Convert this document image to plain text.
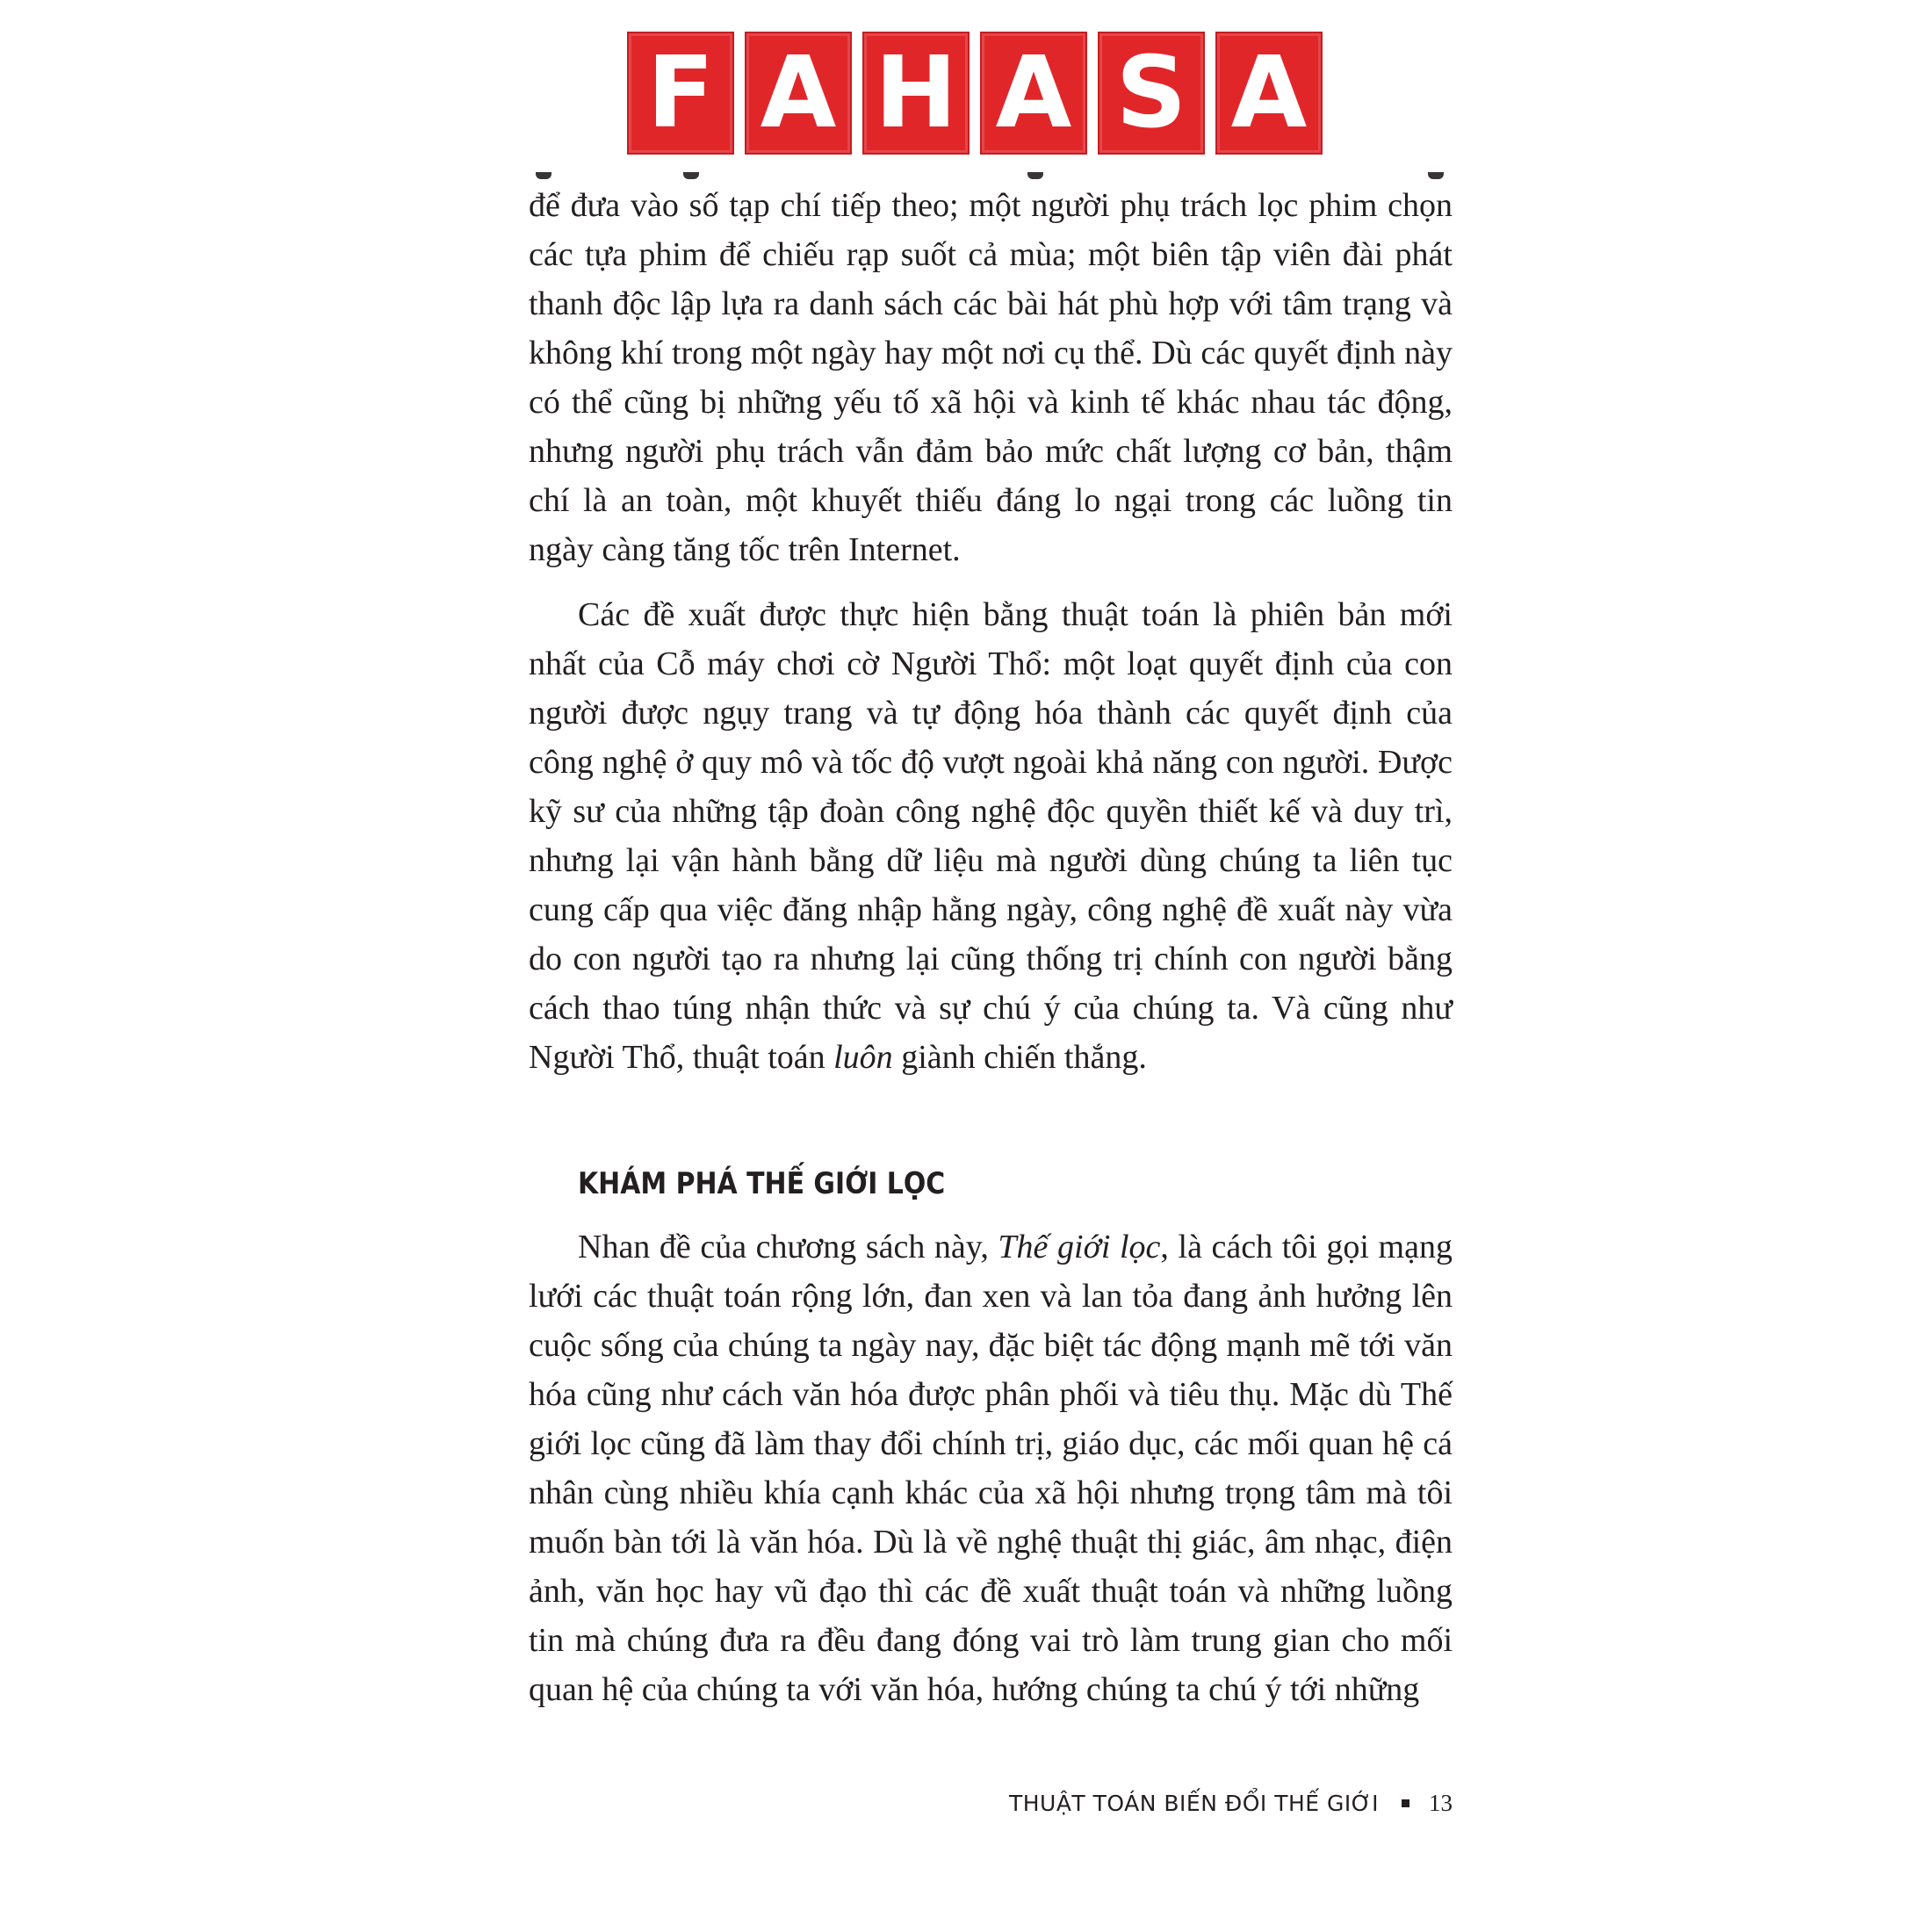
F A H A S A

để đưa vào số tạp chí tiếp theo; một người phụ trách lọc phim chọn các tựa phim để chiếu rạp suốt cả mùa; một biên tập viên đài phát thanh độc lập lựa ra danh sách các bài hát phù hợp với tâm trạng và không khí trong một ngày hay một nơi cụ thể. Dù các quyết định này có thể cũng bị những yếu tố xã hội và kinh tế khác nhau tác động, nhưng người phụ trách vẫn đảm bảo mức chất lượng cơ bản, thậm chí là an toàn, một khuyết thiếu đáng lo ngại trong các luồng tin ngày càng tăng tốc trên Internet.

Các đề xuất được thực hiện bằng thuật toán là phiên bản mới nhất của Cỗ máy chơi cờ Người Thổ: một loạt quyết định của con người được ngụy trang và tự động hóa thành các quyết định của công nghệ ở quy mô và tốc độ vượt ngoài khả năng con người. Được kỹ sư của những tập đoàn công nghệ độc quyền thiết kế và duy trì, nhưng lại vận hành bằng dữ liệu mà người dùng chúng ta liên tục cung cấp qua việc đăng nhập hằng ngày, công nghệ đề xuất này vừa do con người tạo ra nhưng lại cũng thống trị chính con người bằng cách thao túng nhận thức và sự chú ý của chúng ta. Và cũng như Người Thổ, thuật toán luôn giành chiến thắng.

KHÁM PHÁ THẾ GIỚI LỌC

Nhan đề của chương sách này, Thế giới lọc, là cách tôi gọi mạng lưới các thuật toán rộng lớn, đan xen và lan tỏa đang ảnh hưởng lên cuộc sống của chúng ta ngày nay, đặc biệt tác động mạnh mẽ tới văn hóa cũng như cách văn hóa được phân phối và tiêu thụ. Mặc dù Thế giới lọc cũng đã làm thay đổi chính trị, giáo dục, các mối quan hệ cá nhân cùng nhiều khía cạnh khác của xã hội nhưng trọng tâm mà tôi muốn bàn tới là văn hóa. Dù là về nghệ thuật thị giác, âm nhạc, điện ảnh, văn học hay vũ đạo thì các đề xuất thuật toán và những luồng tin mà chúng đưa ra đều đang đóng vai trò làm trung gian cho mối quan hệ của chúng ta với văn hóa, hướng chúng ta chú ý tới những

THUẬT TOÁN BIẾN ĐỔI THẾ GIỚI 13
